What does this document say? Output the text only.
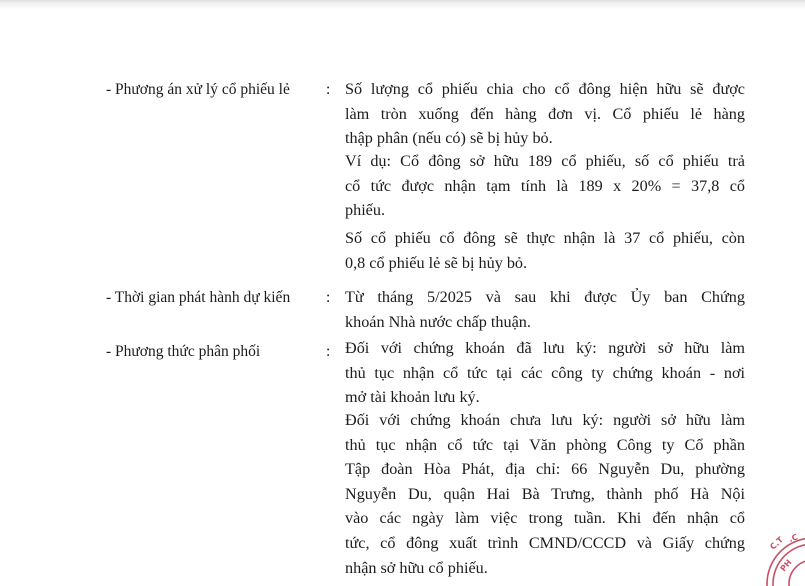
- Phương án xử lý cổ phiếu lẻ : Số lượng cổ phiếu chia cho cổ đông hiện hữu sẽ được
làm tròn xuống đến hàng đơn vị. Cổ phiếu lẻ hàng
thập phân (nếu có) sẽ bị hủy bỏ.
Ví dụ: Cổ đông sở hữu 189 cổ phiếu, số cổ phiếu trả
cổ tức được nhận tạm tính là 189 x 20% = 37,8 cổ
phiếu.
Số cổ phiếu cổ đông sẽ thực nhận là 37 cổ phiếu, còn
0,8 cổ phiếu lẻ sẽ bị hủy bỏ.
- Thời gian phát hành dự kiến : Từ tháng 5/2025 và sau khi được Ủy ban Chứng
khoán Nhà nước chấp thuận.
- Phương thức phân phối	: Đối với chứng khoán đã lưu ký: người sở hữu làm
thủ tục nhận cổ tức tại các công ty chứng khoán - nơi
mở tài khoản lưu ký.
Đối với chứng khoán chưa lưu ký: người sở hữu làm
thủ tục nhận cổ tức tại Văn phòng Công ty Cổ phần
Tập đoàn Hòa Phát, địa chỉ: 66 Nguyễn Du, phường
Nguyễn Du, quận Hai Bà Trưng, thành phố Hà Nội
vào các ngày làm việc trong tuần. Khi đến nhận cổ
tức, cổ đông xuất trình CMND/CCCD và Giấy chứng
nhận sở hữu cổ phiếu.
C.T .C
PH
